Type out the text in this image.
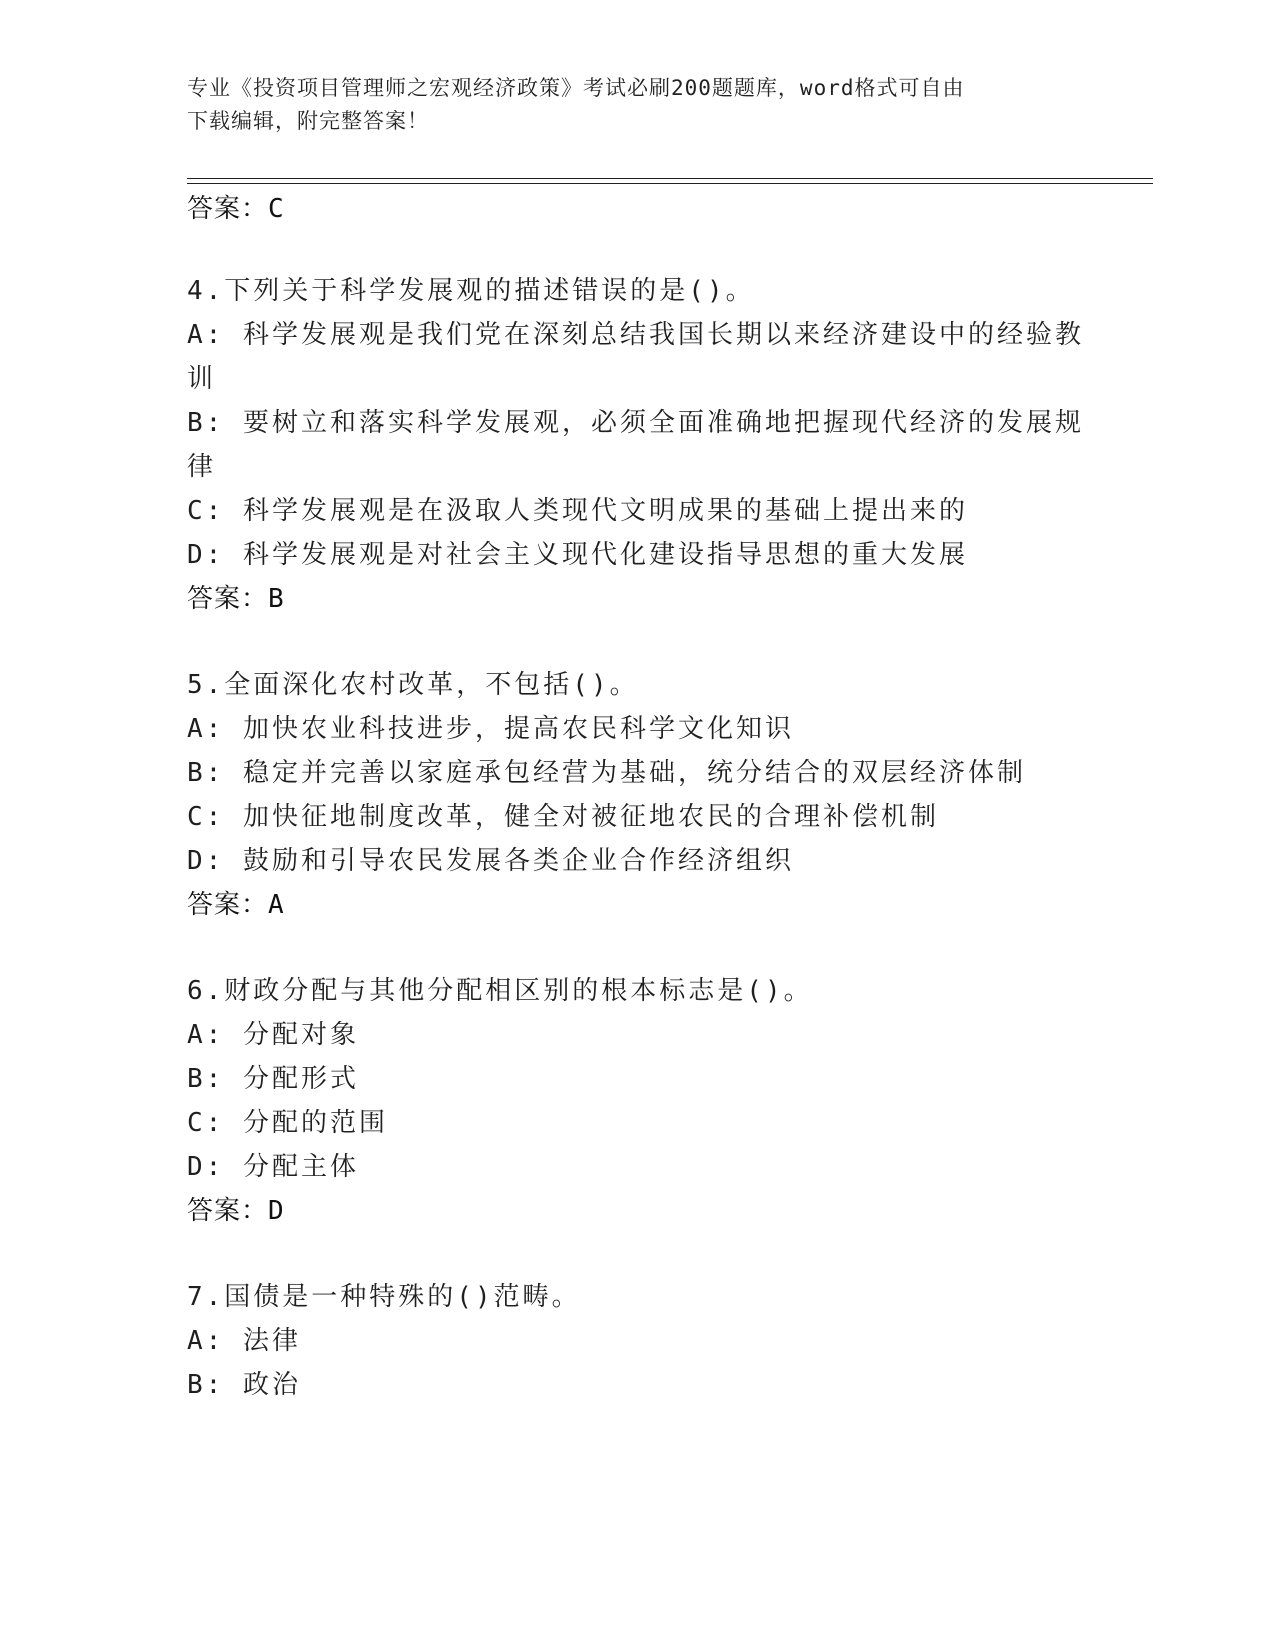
专业《投资项目管理师之宏观经济政策》考试必刷200题题库，word格式可自由
下载编辑，附完整答案！
答案：C
4.下列关于科学发展观的描述错误的是()。
A: 科学发展观是我们党在深刻总结我国长期以来经济建设中的经验教
训
B: 要树立和落实科学发展观，必须全面准确地把握现代经济的发展规
律
C: 科学发展观是在汲取人类现代文明成果的基础上提出来的
D: 科学发展观是对社会主义现代化建设指导思想的重大发展
答案：B
5.全面深化农村改革，不包括()。
A: 加快农业科技进步，提高农民科学文化知识
B: 稳定并完善以家庭承包经营为基础，统分结合的双层经济体制
C: 加快征地制度改革，健全对被征地农民的合理补偿机制
D: 鼓励和引导农民发展各类企业合作经济组织
答案：A
6.财政分配与其他分配相区别的根本标志是()。
A: 分配对象
B: 分配形式
C: 分配的范围
D: 分配主体
答案：D
7.国债是一种特殊的()范畴。
A: 法律
B: 政治
